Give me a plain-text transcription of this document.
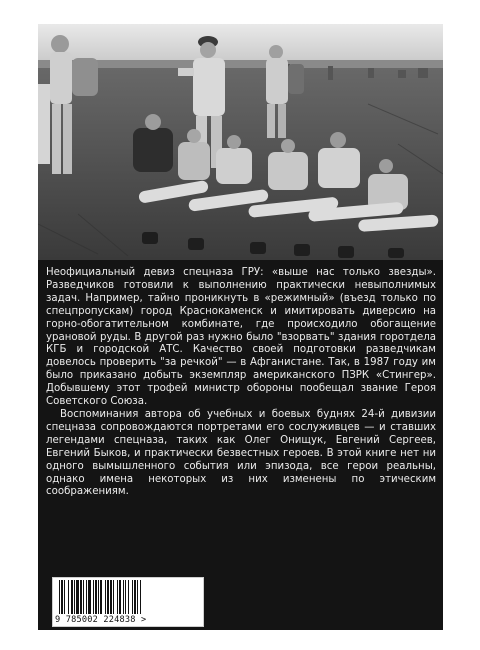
Неофициальный девиз спецназа ГРУ: «выше нас только звезды». Разведчиков готовили к выполнению практически невыполнимых задач. Например, тайно проникнуть в «режимный» (въезд только по спецпропускам) город Краснокаменск и имитировать диверсию на горно-обогатительном комбинате, где происходило обогащение урановой руды. В другой раз нужно было "взорвать" здания горотдела КГБ и городской АТС. Качество своей подготовки разведчикам довелось проверить "за речкой" — в Афганистане. Так, в 1987 году им было приказано добыть экземпляр американского ПЗРК «Стингер». Добывшему этот трофей министр обороны пообещал звание Героя Советского Союза.

Воспоминания автора об учебных и боевых буднях 24-й дивизии спецназа сопровождаются портретами его сослуживцев — и ставших легендами спецназа, таких как Олег Онищук, Евгений Сергеев, Евгений Быков, и практически безвестных героев. В этой книге нет ни одного вымышленного события или эпизода, все герои реальны, однако имена некоторых из них изменены по этическим соображениям.

9 785002 224838 >
